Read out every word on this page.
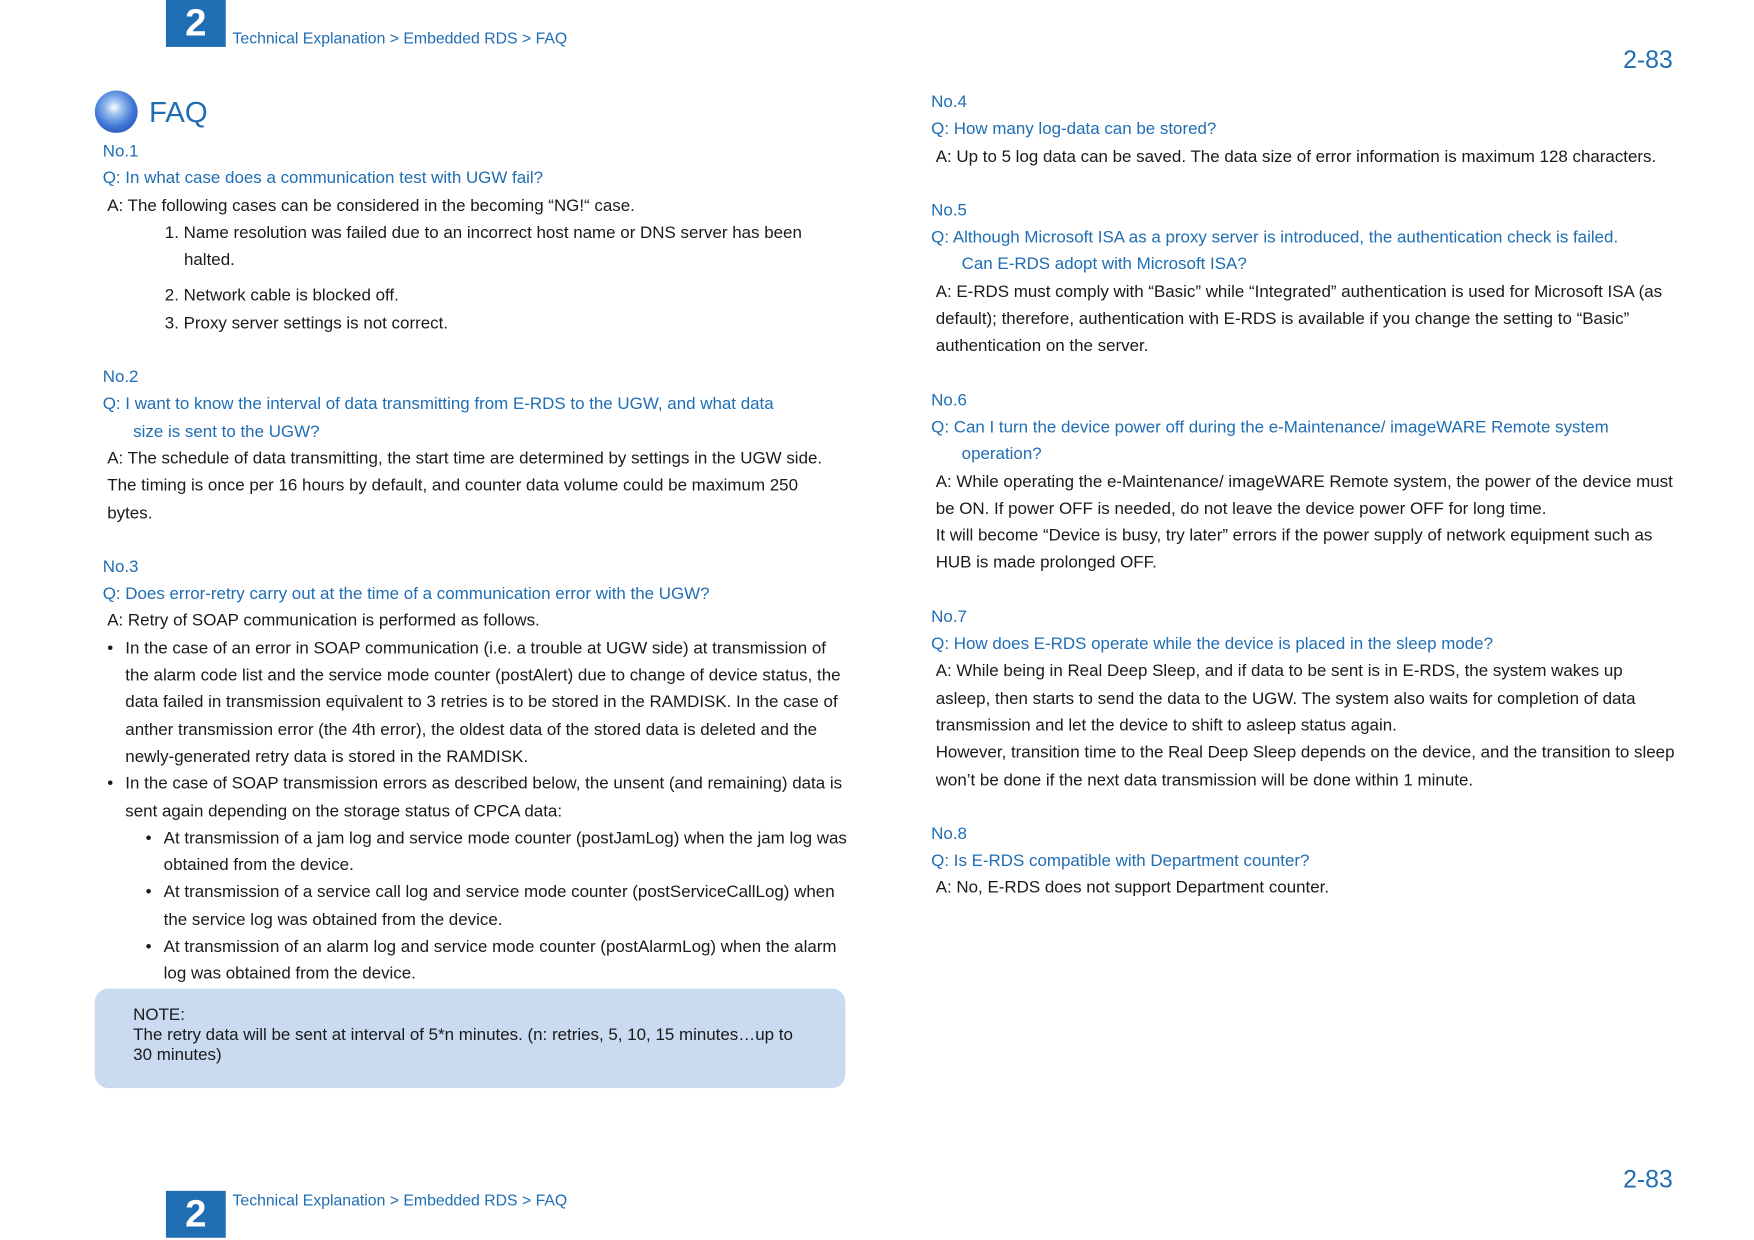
2	Technical Explanation > Embedded RDS > FAQ
2-83
FAQ
No.1
Q: In what case does a communication test with UGW fail?
A: The following cases can be considered in the becoming “NG!“ case.
1. Name resolution was failed due to an incorrect host name or DNS server has been halted.
2. Network cable is blocked off.
3. Proxy server settings is not correct.
No.2
Q: I want to know the interval of data transmitting from E-RDS to the UGW, and what data
size is sent to the UGW?
A: The schedule of data transmitting, the start time are determined by settings in the UGW side. The timing is once per 16 hours by default, and counter data volume could be maximum 250 bytes.
No.3
Q: Does error-retry carry out at the time of a communication error with the UGW?
A: Retry of SOAP communication is performed as follows.
• In the case of an error in SOAP communication (i.e. a trouble at UGW side) at transmission of the alarm code list and the service mode counter (postAlert) due to change of device status, the data failed in transmission equivalent to 3 retries is to be stored in the RAMDISK. In the case of anther transmission error (the 4th error), the oldest data of the stored data is deleted and the newly-generated retry data is stored in the RAMDISK.
• In the case of SOAP transmission errors as described below, the unsent (and remaining) data is sent again depending on the storage status of CPCA data:
• At transmission of a jam log and service mode counter (postJamLog) when the jam log was obtained from the device.
• At transmission of a service call log and service mode counter (postServiceCallLog) when the service log was obtained from the device.
• At transmission of an alarm log and service mode counter (postAlarmLog) when the alarm log was obtained from the device.
NOTE:
The retry data will be sent at interval of 5*n minutes. (n: retries, 5, 10, 15 minutes…up to 30 minutes)
No.4
Q: How many log-data can be stored?
A: Up to 5 log data can be saved. The data size of error information is maximum 128 characters.
No.5
Q: Although Microsoft ISA as a proxy server is introduced, the authentication check is failed.
Can E-RDS adopt with Microsoft ISA?
A: E-RDS must comply with “Basic” while “Integrated” authentication is used for Microsoft ISA (as default); therefore, authentication with E-RDS is available if you change the setting to “Basic” authentication on the server.
No.6
Q: Can I turn the device power off during the e-Maintenance/ imageWARE Remote system
operation?
A: While operating the e-Maintenance/ imageWARE Remote system, the power of the device must be ON. If power OFF is needed, do not leave the device power OFF for long time.
It will become “Device is busy, try later” errors if the power supply of network equipment such as HUB is made prolonged OFF.
No.7
Q: How does E-RDS operate while the device is placed in the sleep mode?
A: While being in Real Deep Sleep, and if data to be sent is in E-RDS, the system wakes up asleep, then starts to send the data to the UGW. The system also waits for completion of data transmission and let the device to shift to asleep status again.
However, transition time to the Real Deep Sleep depends on the device, and the transition to sleep won’t be done if the next data transmission will be done within 1 minute.
No.8
Q: Is E-RDS compatible with Department counter?
A: No, E-RDS does not support Department counter.
2-83
2	Technical Explanation > Embedded RDS > FAQ
